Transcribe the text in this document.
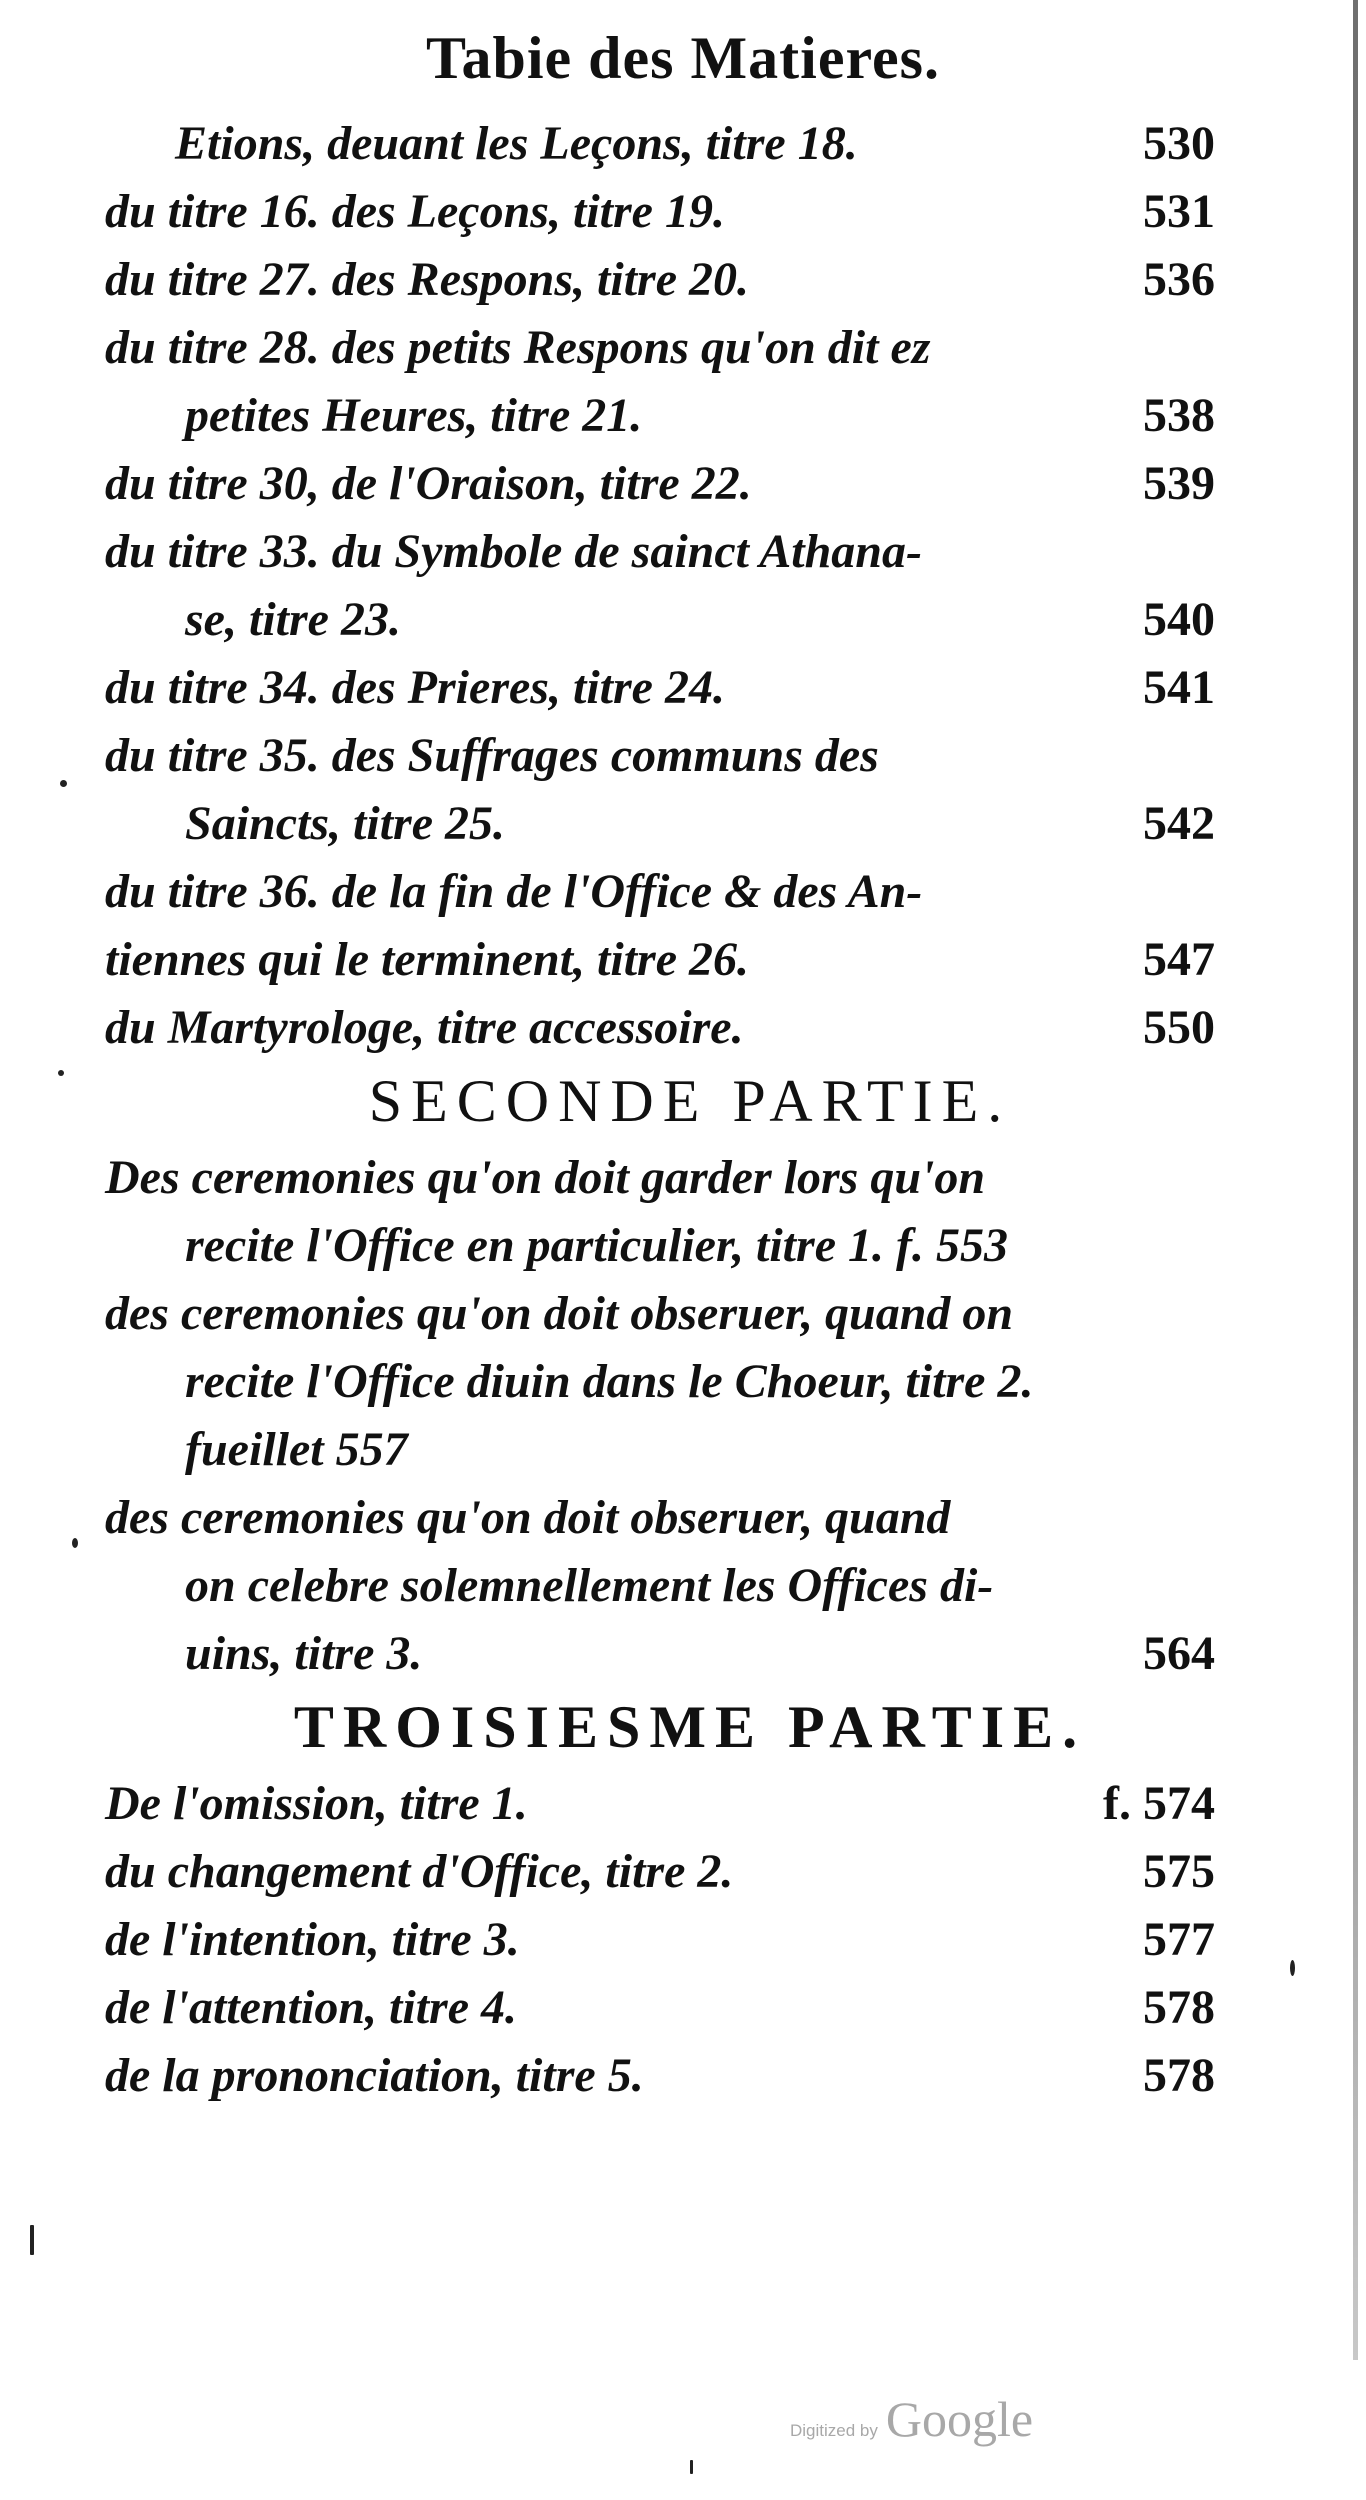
Tabie des Matieres.
Etions, deuant les Leçons, titre 18.	530
du titre 16. des Leçons, titre 19.	531
du titre 27. des Respons, titre 20.	536
du titre 28. des petits Respons qu'on dit ez
petites Heures, titre 21.	538
du titre 30, de l'Oraison, titre 22.	539
du titre 33. du Symbole de sainct Athana-
se, titre 23.	540
du titre 34. des Prieres, titre 24.	541
du titre 35. des Suffrages communs des
Saincts, titre 25.	542
du titre 36. de la fin de l'Office & des An-
tiennes qui le terminent, titre 26.	547
du Martyrologe, titre accessoire.	550
SECONDE PARTIE.
Des ceremonies qu'on doit garder lors qu'on
recite l'Office en particulier, titre 1. f. 553
des ceremonies qu'on doit obseruer, quand on
recite l'Office diuin dans le Choeur, titre 2.
fueillet 557
des ceremonies qu'on doit obseruer, quand
on celebre solemnellement les Offices di-
uins, titre 3.	564
TROISIESME PARTIE.
De l'omission, titre 1.	f. 574
du changement d'Office, titre 2.	575
de l'intention, titre 3.	577
de l'attention, titre 4.	578
de la prononciation, titre 5.	578
Digitized by Google
